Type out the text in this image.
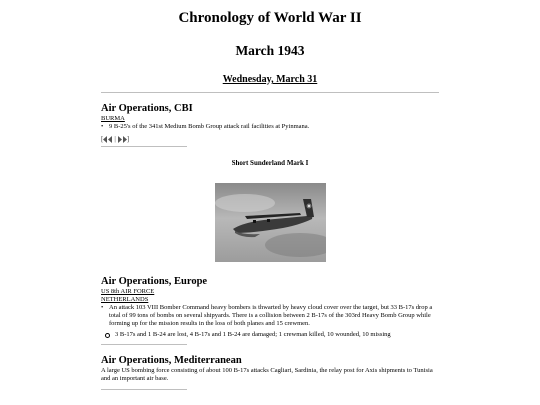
Chronology of World War II
March 1943
Wednesday, March 31
Air Operations, CBI
BURMA
• 9 B-25's of the 341st Medium Bomb Group attack rail facilities at Pyinmana.
[ | ]
Short Sunderland Mark I
Air Operations, Europe
US 8th AIR FORCE
NETHERLANDS
• An attack 103 VIII Bomber Command heavy bombers is thwarted by heavy cloud cover over the target, but 33 B-17s drop a total of 99 tons of bombs on several shipyards. There is a collision between 2 B-17s of the 303rd Heavy Bomb Group while forming up for the mission results in the loss of both planes and 15 crewmen.
3 B-17s and 1 B-24 are lost, 4 B-17s and 1 B-24 are damaged; 1 crewman killed, 10 wounded, 10 missing
Air Operations, Mediterranean
A large US bombing force consisting of about 100 B-17s attacks Cagliari, Sardinia, the relay post for Axis shipments to Tunisia and an important air base.
